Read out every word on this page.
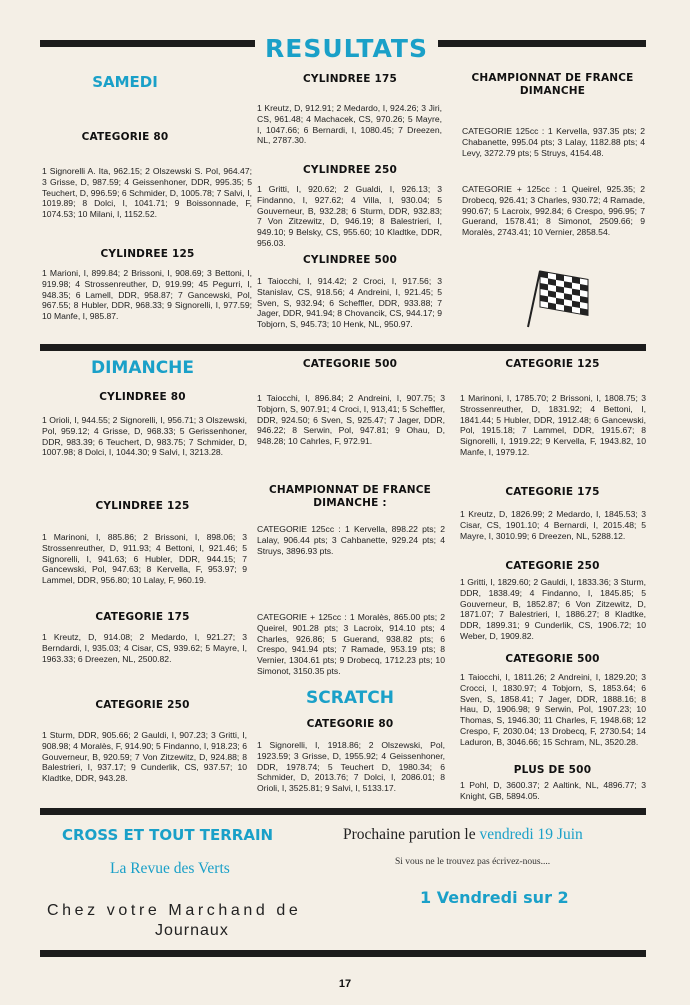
RESULTATS
SAMEDI
CATEGORIE 80
1 Signorelli A. Ita, 962.15; 2 Olszewski S. Pol, 964.47; 3 Grisse, D, 987.59; 4 Geissenhoner, DDR, 995.35; 5 Teuchert, D, 996.59; 6 Schmider, D, 1005.78; 7 Salvi, I, 1019.89; 8 Dolci, I, 1041.71; 9 Boissonnade, F, 1074.53; 10 Milani, I, 1152.52.
CYLINDREE 125
1 Marioni, I, 899.84; 2 Brissoni, I, 908.69; 3 Bettoni, I, 919.98; 4 Strossenreuther, D, 919.99; 45 Pegurri, I, 948.35; 6 Lamell, DDR, 958.87; 7 Gancewski, Pol, 967.55; 8 Hubler, DDR, 968.33; 9 Signorelli, I, 977.59; 10 Manfe, I, 985.87.
CYLINDREE 175
1 Kreutz, D, 912.91; 2 Medardo, I, 924.26; 3 Jiri, CS, 961.48; 4 Machacek, CS, 970.26; 5 Mayre, I, 1047.66; 6 Bernardi, I, 1080.45; 7 Dreezen, NL, 2787.30.
CYLINDREE 250
1 Gritti, I, 920.62; 2 Gualdi, I, 926.13; 3 Findanno, I, 927.62; 4 Villa, I, 930.04; 5 Gouverneur, B, 932.28; 6 Sturm, DDR, 932.83; 7 Von Zitzewitz, D, 946.19; 8 Balestrieri, I, 949.10; 9 Belsky, CS, 955.60; 10 Kladtke, DDR, 956.03.
CYLINDREE 500
1 Taiocchi, I, 914.42; 2 Croci, I, 917.56; 3 Stanislav, CS, 918.56; 4 Andreini, I, 921.45; 5 Sven, S, 932.94; 6 Scheffler, DDR, 933.88; 7 Jager, DDR, 941.94; 8 Chovancik, CS, 944.17; 9 Tobjorn, S, 945.73; 10 Henk, NL, 950.97.
CHAMPIONNAT DE FRANCE DIMANCHE
CATEGORIE 125cc : 1 Kervella, 937.35 pts; 2 Chabanette, 995.04 pts; 3 Lalay, 1182.88 pts; 4 Levy, 3272.79 pts; 5 Struys, 4154.48.
CATEGORIE + 125cc : 1 Queirel, 925.35; 2 Drobecq, 926.41; 3 Charles, 930.72; 4 Ramade, 990.67; 5 Lacroix, 992.84; 6 Crespo, 996.95; 7 Guerand, 1578.41; 8 Simonot, 2509.66; 9 Moralès, 2743.41; 10 Vernier, 2858.54.
DIMANCHE
CYLINDREE 80
1 Orioli, I, 944.55; 2 Signorelli, I, 956.71; 3 Olszewski, Pol, 959.12; 4 Grisse, D, 968.33; 5 Gerissenhoner, DDR, 983.39; 6 Teuchert, D, 983.75; 7 Schmider, D, 1007.98; 8 Dolci, I, 1044.30; 9 Salvi, I, 3213.28.
CYLINDREE 125
1 Marinoni, I, 885.86; 2 Brissoni, I, 898.06; 3 Strossenreuther, D, 911.93; 4 Bettoni, I, 921.46; 5 Signorelli, I, 941.63; 6 Hubler, DDR, 944.15; 7 Gancewski, Pol, 947.63; 8 Kervella, F, 953.97; 9 Lammel, DDR, 956.80; 10 Lalay, F, 960.19.
CATEGORIE 175
1 Kreutz, D, 914.08; 2 Medardo, I, 921.27; 3 Berndardi, I, 935.03; 4 Cisar, CS, 939.62; 5 Mayre, I, 1963.33; 6 Dreezen, NL, 2500.82.
CATEGORIE 250
1 Sturm, DDR, 905.66; 2 Gauldi, I, 907.23; 3 Gritti, I, 908.98; 4 Moralès, F, 914.90; 5 Findanno, I, 918.23; 6 Gouverneur, B, 920.59; 7 Von Zitzewitz, D, 924.88; 8 Balestrieri, I, 937.17; 9 Cunderlik, CS, 937.57; 10 Kladtke, DDR, 943.28.
CATEGORIE 500
1 Taiocchi, I, 896.84; 2 Andreini, I, 907.75; 3 Tobjorn, S, 907.91; 4 Croci, I, 913,41; 5 Scheffler, DDR, 924.50; 6 Sven, S, 925.47; 7 Jager, DDR, 946.22; 8 Serwin, Pol, 947.81; 9 Ohau, D, 948.28; 10 Cahrles, F, 972.91.
CHAMPIONNAT DE FRANCE
DIMANCHE :
CATEGORIE 125cc : 1 Kervella, 898.22 pts; 2 Lalay, 906.44 pts; 3 Cahbanette, 929.24 pts; 4 Struys, 3896.93 pts.
CATEGORIE + 125cc : 1 Moralès, 865.00 pts; 2 Queirel, 901.28 pts; 3 Lacroix, 914.10 pts; 4 Charles, 926.86; 5 Guerand, 938.82 pts; 6 Crespo, 941.94 pts; 7 Ramade, 953.19 pts; 8 Vernier, 1304.61 pts; 9 Drobecq, 1712.23 pts; 10 Simonot, 3150.35 pts.
SCRATCH
CATEGORIE 80
1 Signorelli, I, 1918.86; 2 Olszewski, Pol, 1923.59; 3 Grisse, D, 1955.92; 4 Geissenhoner, DDR, 1978.74; 5 Teuchert D, 1980.34; 6 Schmider, D, 2013.76; 7 Dolci, I, 2086.01; 8 Orioli, I, 3525.81; 9 Salvi, I, 5133.17.
CATEGORIE 125
1 Marinoni, I, 1785.70; 2 Brissoni, I, 1808.75; 3 Strossenreuther, D, 1831.92; 4 Bettoni, I, 1841.44; 5 Hubler, DDR, 1912.48; 6 Gancewski, Pol, 1915.18; 7 Lammel, DDR, 1915.67; 8 Signorelli, I, 1919.22; 9 Kervella, F, 1943.82, 10 Manfe, I, 1979.12.
CATEGORIE 175
1 Kreutz, D, 1826.99; 2 Medardo, I, 1845.53; 3 Cisar, CS, 1901.10; 4 Bernardi, I, 2015.48; 5 Mayre, I, 3010.99; 6 Dreezen, NL, 5288.12.
CATEGORIE 250
1 Gritti, I, 1829.60; 2 Gauldi, I, 1833.36; 3 Sturm, DDR, 1838.49; 4 Findanno, I, 1845.85; 5 Gouverneur, B, 1852.87; 6 Von Zitzewitz, D, 1871.07; 7 Balestrieri, I, 1886.27; 8 Kladtke, DDR, 1899.31; 9 Cunderlik, CS, 1906.72; 10 Weber, D, 1909.82.
CATEGORIE 500
1 Taiocchi, I, 1811.26; 2 Andreini, I, 1829.20; 3 Crocci, I, 1830.97; 4 Tobjorn, S, 1853.64; 6 Sven, S, 1858.41; 7 Jager, DDR, 1888.16; 8 Hau, D, 1906.98; 9 Serwin, Pol, 1907.23; 10 Thomas, S, 1946.30; 11 Charles, F, 1948.68; 12 Crespo, F, 2030.04; 13 Drobecq, F, 2730.54; 14 Laduron, B, 3046.66; 15 Schram, NL, 3520.28.
PLUS DE 500
1 Pohl, D, 3600.37; 2 Aaltink, NL, 4896.77; 3 Knight, GB, 5894.05.
CROSS ET TOUT TERRAIN
La Revue des Verts
Chez votre Marchand de
Journaux
Prochaine parution le vendredi 19 Juin
Si vous ne le trouvez pas écrivez-nous....
1 Vendredi sur 2
17
